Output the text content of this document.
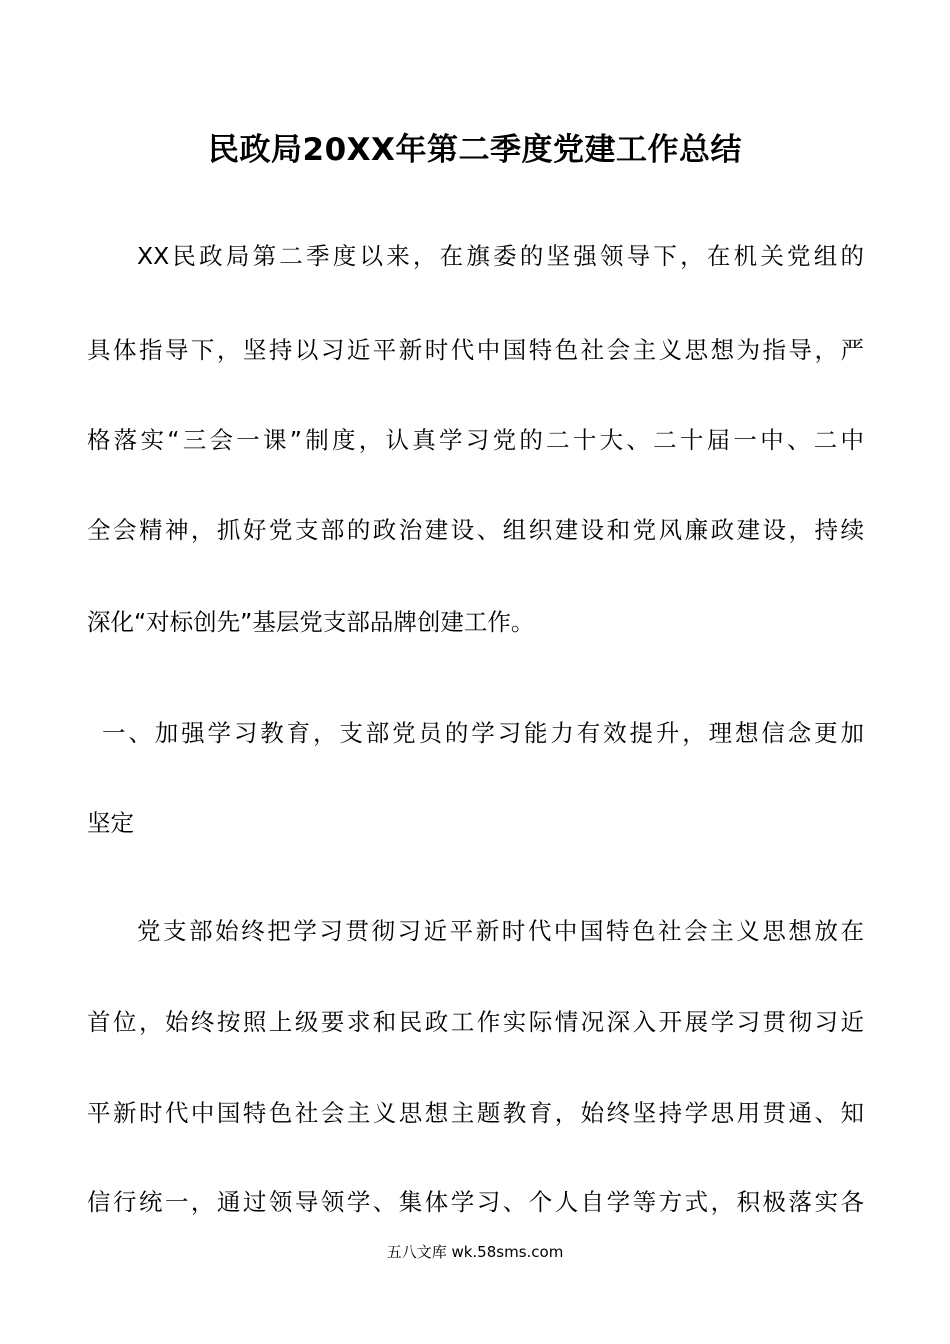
民政局20XX年第二季度党建工作总结
XX民政局第二季度以来，在旗委的坚强领导下，在机关党组的
具体指导下，坚持以习近平新时代中国特色社会主义思想为指导，严
格落实“三会一课”制度，认真学习党的二十大、二十届一中、二中
全会精神，抓好党支部的政治建设、组织建设和党风廉政建设，持续
深化“对标创先”基层党支部品牌创建工作。
一、加强学习教育，支部党员的学习能力有效提升，理想信念更加
坚定
党支部始终把学习贯彻习近平新时代中国特色社会主义思想放在
首位，始终按照上级要求和民政工作实际情况深入开展学习贯彻习近
平新时代中国特色社会主义思想主题教育，始终坚持学思用贯通、知
信行统一，通过领导领学、集体学习、个人自学等方式，积极落实各
五八文库 wk.58sms.com
